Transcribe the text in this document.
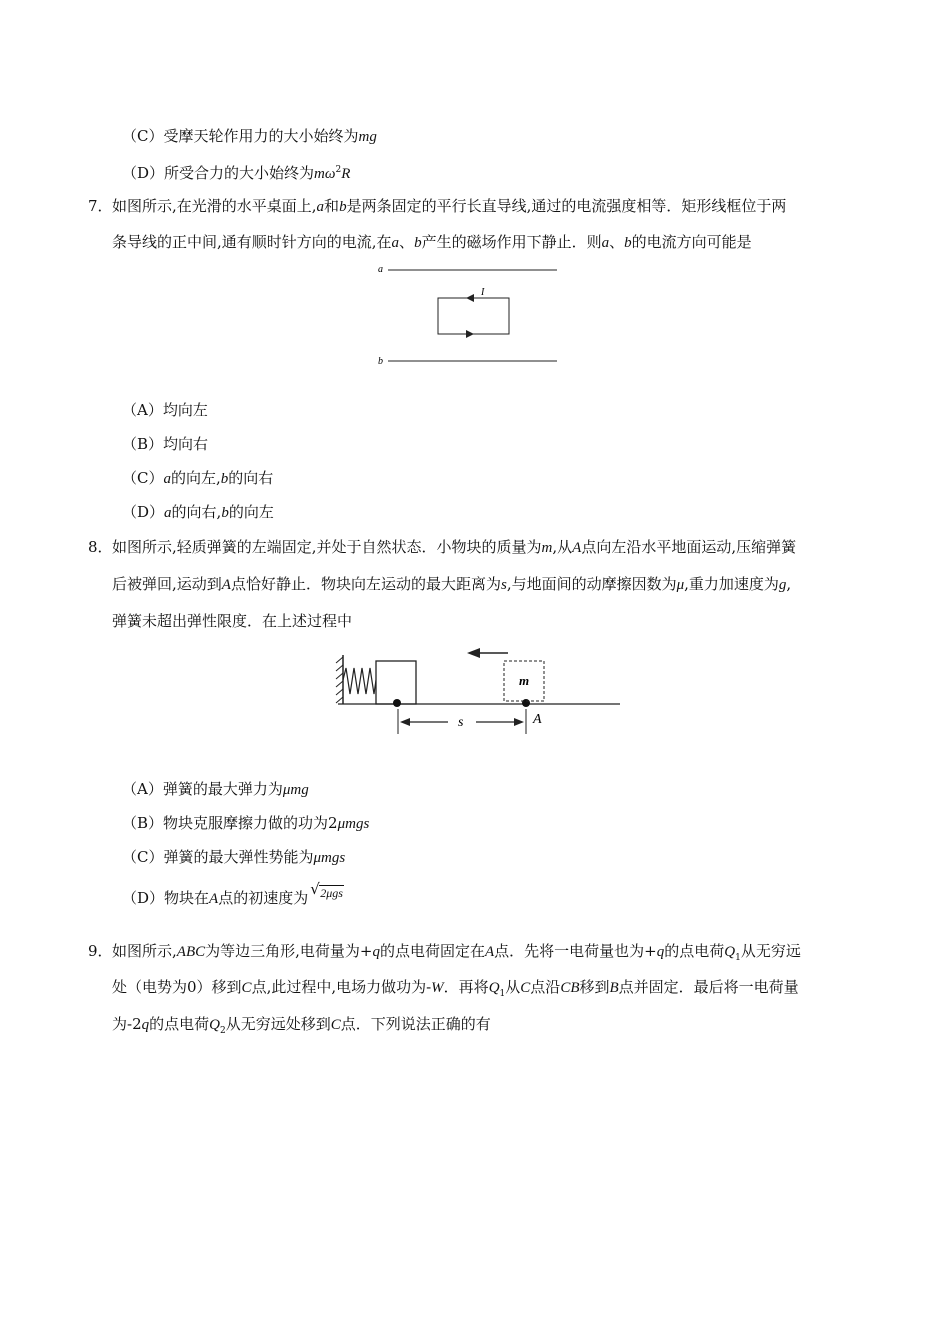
（C）受摩天轮作用力的大小始终为mg
（D）所受合力的大小始终为$m\omega^2R$
7． 如图所示,在光滑的水平桌面上,a和b是两条固定的平行长直导线,通过的电流强度相等．矩形线框位于两
条导线的正中间,通有顺时针方向的电流,在a、b产生的磁场作用下静止．则a、b的电流方向可能是
a
I
b
（A）均向左
（B）均向右
（C）a的向左,b的向右
（D）a的向右,b的向左
8． 如图所示,轻质弹簧的左端固定,并处于自然状态．小物块的质量为m,从A点向左沿水平地面运动,压缩弹簧
后被弹回,运动到A点恰好静止．物块向左运动的最大距离为s,与地面间的动摩擦因数为μ,重力加速度为g,
弹簧未超出弹性限度．在上述过程中
m
s	A
（A）弹簧的最大弹力为μmg
（B）物块克服摩擦力做的功为2μmgs
（C）弹簧的最大弹性势能为μmgs
（D）物块在A点的初速度为 √ 2μgs
9． 如图所示,ABC为等边三角形,电荷量为+q的点电荷固定在A点．先将一电荷量也为+q的点电荷$Q_1$从无穷远
处（电势为0）移到C点,此过程中,电场力做功为-W．再将$Q_1$从C点沿CB移到B点并固定．最后将一电荷量
为-2q的点电荷$Q_2$从无穷远处移到C点．下列说法正确的有
